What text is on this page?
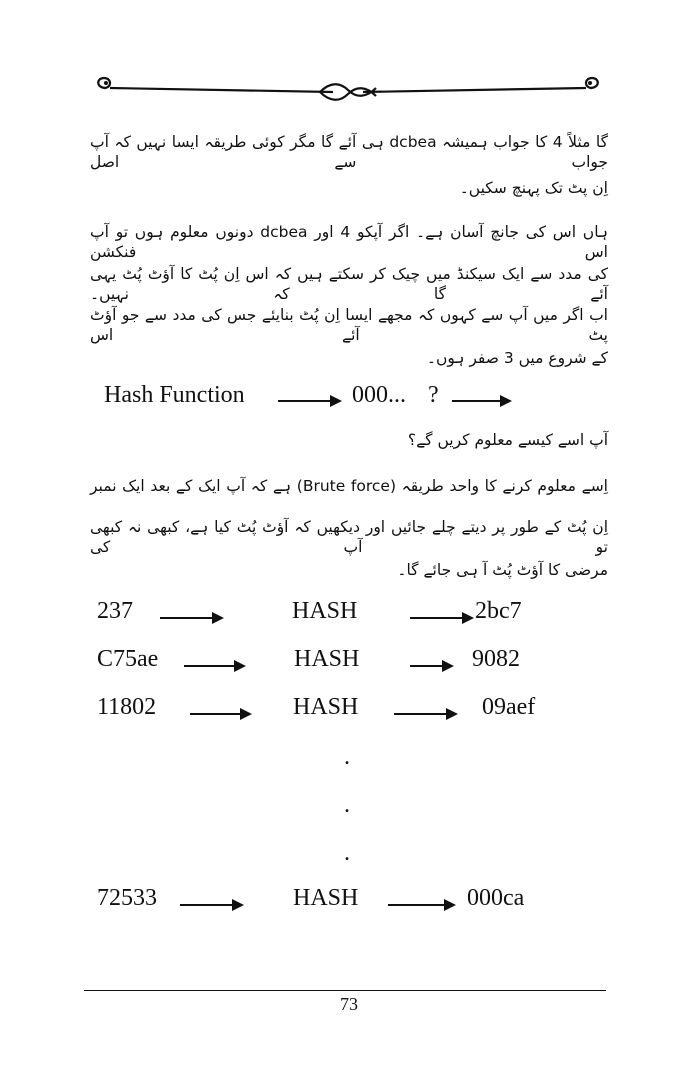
گا مثلاً 4 کا جواب ہمیشہ dcbea ہی آئے گا مگر کوئی طریقہ ایسا نہیں کہ آپ جواب سے اصل
اِن پٹ تک پہنچ سکیں۔
ہاں اس کی جانچ آسان ہے۔ اگر آپکو 4 اور dcbea دونوں معلوم ہوں تو آپ اس فنکشن
کی مدد سے ایک سیکنڈ میں چیک کر سکتے ہیں کہ اس اِن پُٹ کا آؤٹ پُٹ یہی آئے گا کہ نہیں۔
اب اگر میں آپ سے کہوں کہ مجھے ایسا اِن پُٹ بنایئے جس کی مدد سے جو آؤٹ پٹ آئے اس
کے شروع میں 3 صفر ہوں۔
Hash Function	000... ?
آپ اسے کیسے معلوم کریں گے؟
اِسے معلوم کرنے کا واحد طریقہ (Brute force) ہے کہ آپ ایک کے بعد ایک نمبر
اِن پُٹ کے طور پر دیتے چلے جائیں اور دیکھیں کہ آؤٹ پُٹ کیا ہے، کبھی نہ کبھی تو آپ کی
مرضی کا آؤٹ پُٹ آ ہی جائے گا۔
237	HASH	2bc7
C75ae	HASH	9082
11802	HASH	09aef
.
.
.
72533	HASH	000ca
73
